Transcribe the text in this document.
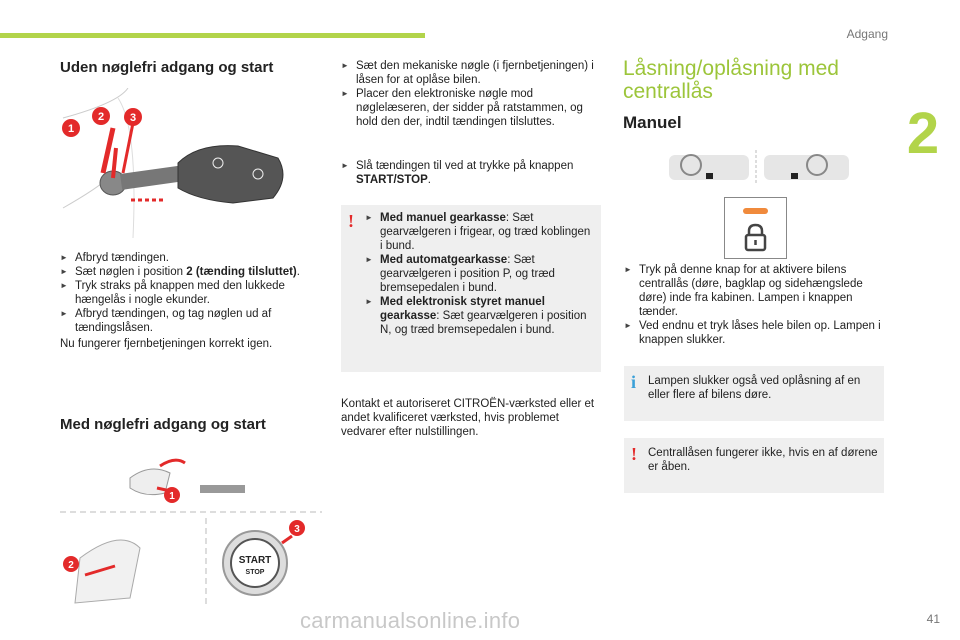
Adgang
2
41
Uden nøglefri adgang og start
1
2 3
► Afbryd tændingen.
► Sæt nøglen i position 2 (tænding tilsluttet).
► Tryk straks på knappen med den lukkede hængelås i nogle ekunder.
► Afbryd tændingen, og tag nøglen ud af tændingslåsen.
Nu fungerer fjernbetjeningen korrekt igen.
Med nøglefri adgang og start
1
2	START
STOP
3
► Sæt den mekaniske nøgle (i fjernbetjeningen) i låsen for at oplåse bilen.
► Placer den elektroniske nøgle mod nøglelæseren, der sidder på ratstammen, og hold den der, indtil tændingen tilsluttes.
► Slå tændingen til ved at trykke på knappen START/STOP.
!
►	Med manuel gearkasse: Sæt gearvælgeren i frigear, og træd koblingen i bund.
► Med automatgearkasse: Sæt gearvælgeren i position P, og træd bremsepedalen i bund.
► Med elektronisk styret manuel gearkasse: Sæt gearvælgeren i position N, og træd bremsepedalen i bund.
Kontakt et autoriseret CITROËN-værksted eller et andet kvalificeret værksted, hvis problemet vedvarer efter nulstillingen.
Låsning/oplåsning med centrallås
Manuel
► Tryk på denne knap for at aktivere bilens centrallås (døre, bagklap og sidehængslede døre) inde fra kabinen. Lampen i knappen tænder.
► Ved endnu et tryk låses hele bilen op. Lampen i knappen slukker.
i Lampen slukker også ved oplåsning af en eller flere af bilens døre.
! Centrallåsen fungerer ikke, hvis en af dørene er åben.
carmanualsonline.info
